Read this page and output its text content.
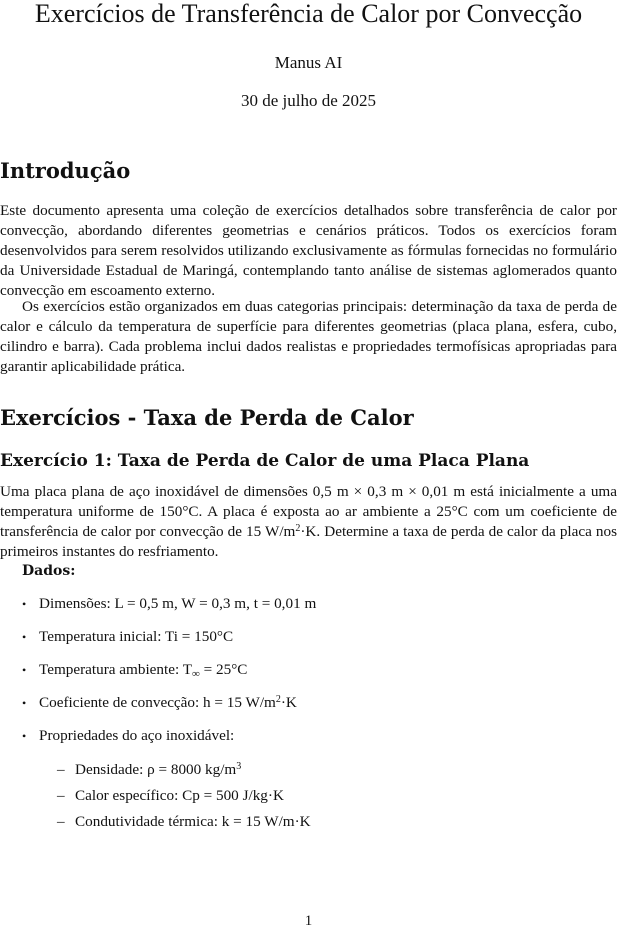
Exercícios de Transferência de Calor por Convecção
Manus AI
30 de julho de 2025
Introdução

Este documento apresenta uma coleção de exercícios detalhados sobre transferência de calor por convecção, abordando diferentes geometrias e cenários práticos. Todos os exercícios foram desenvolvidos para serem resolvidos utilizando exclusivamente as fórmulas fornecidas no formulário da Universidade Estadual de Maringá, contemplando tanto análise de sistemas aglomerados quanto convecção em escoamento externo.

Os exercícios estão organizados em duas categorias principais: determinação da taxa de perda de calor e cálculo da temperatura de superfície para diferentes geometrias (placa plana, esfera, cubo, cilindro e barra). Cada problema inclui dados realistas e propriedades termofísicas apropriadas para garantir aplicabilidade prática.

Exercícios - Taxa de Perda de Calor
Exercício 1: Taxa de Perda de Calor de uma Placa Plana

Uma placa plana de aço inoxidável de dimensões 0,5 m × 0,3 m × 0,01 m está inicialmente a uma temperatura uniforme de 150°C. A placa é exposta ao ar ambiente a 25°C com um coeficiente de transferência de calor por convecção de 15 $W/m^2\cdot K$. Determine a taxa de perda de calor da placa nos primeiros instantes do resfriamento.

Dados:
• Dimensões: L = 0,5 m, W = 0,3 m, t = 0,01 m
• Temperatura inicial: Ti = 150°C
• Temperatura ambiente: $T_\infty = 25^\circ C$
• Coeficiente de convecção: h = 15 $W/m^2\cdot K$
• Propriedades do aço inoxidável:
– Densidade: ρ = 8000 $kg/m^3$
– Calor específico: Cp = 500 J/kg·K
– Condutividade térmica: k = 15 W/m·K
1
